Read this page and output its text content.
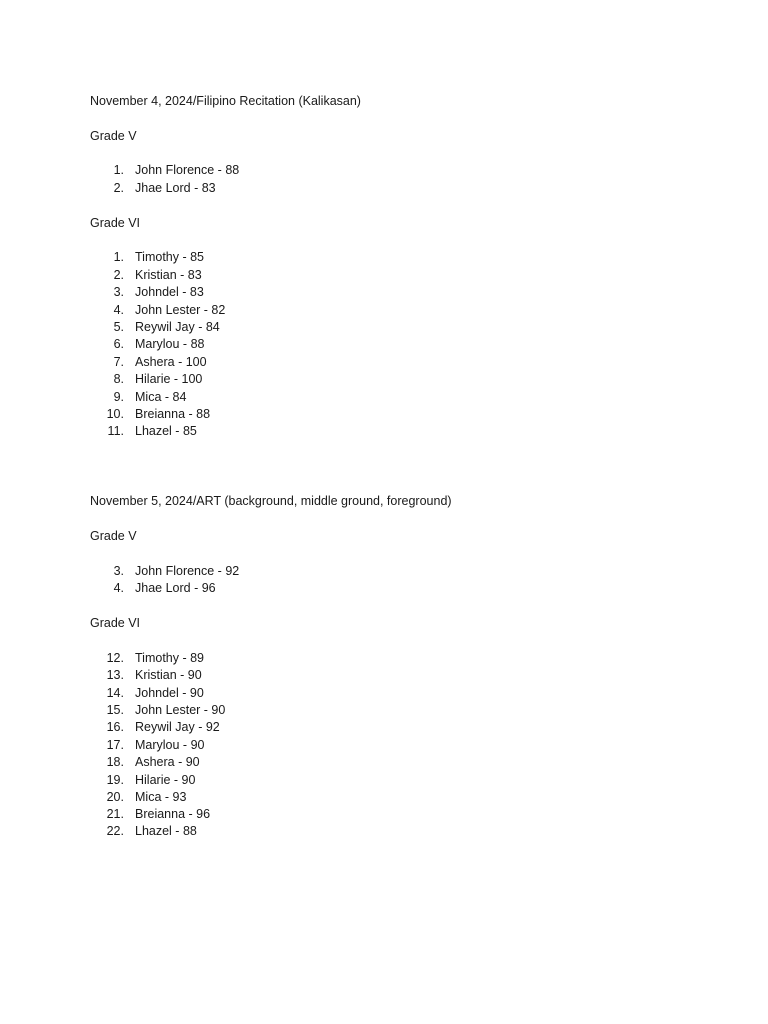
November 4, 2024/Filipino Recitation (Kalikasan)
Grade V
1. John Florence - 88
2. Jhae Lord - 83
Grade VI
1. Timothy - 85
2. Kristian - 83
3. Johndel - 83
4. John Lester - 82
5. Reywil Jay - 84
6. Marylou - 88
7. Ashera - 100
8. Hilarie - 100
9. Mica - 84
10. Breianna - 88
11. Lhazel - 85
November 5, 2024/ART (background, middle ground, foreground)
Grade V
3. John Florence - 92
4. Jhae Lord - 96
Grade VI
12. Timothy - 89
13. Kristian - 90
14. Johndel - 90
15. John Lester - 90
16. Reywil Jay - 92
17. Marylou - 90
18. Ashera - 90
19. Hilarie - 90
20. Mica - 93
21. Breianna - 96
22. Lhazel - 88
